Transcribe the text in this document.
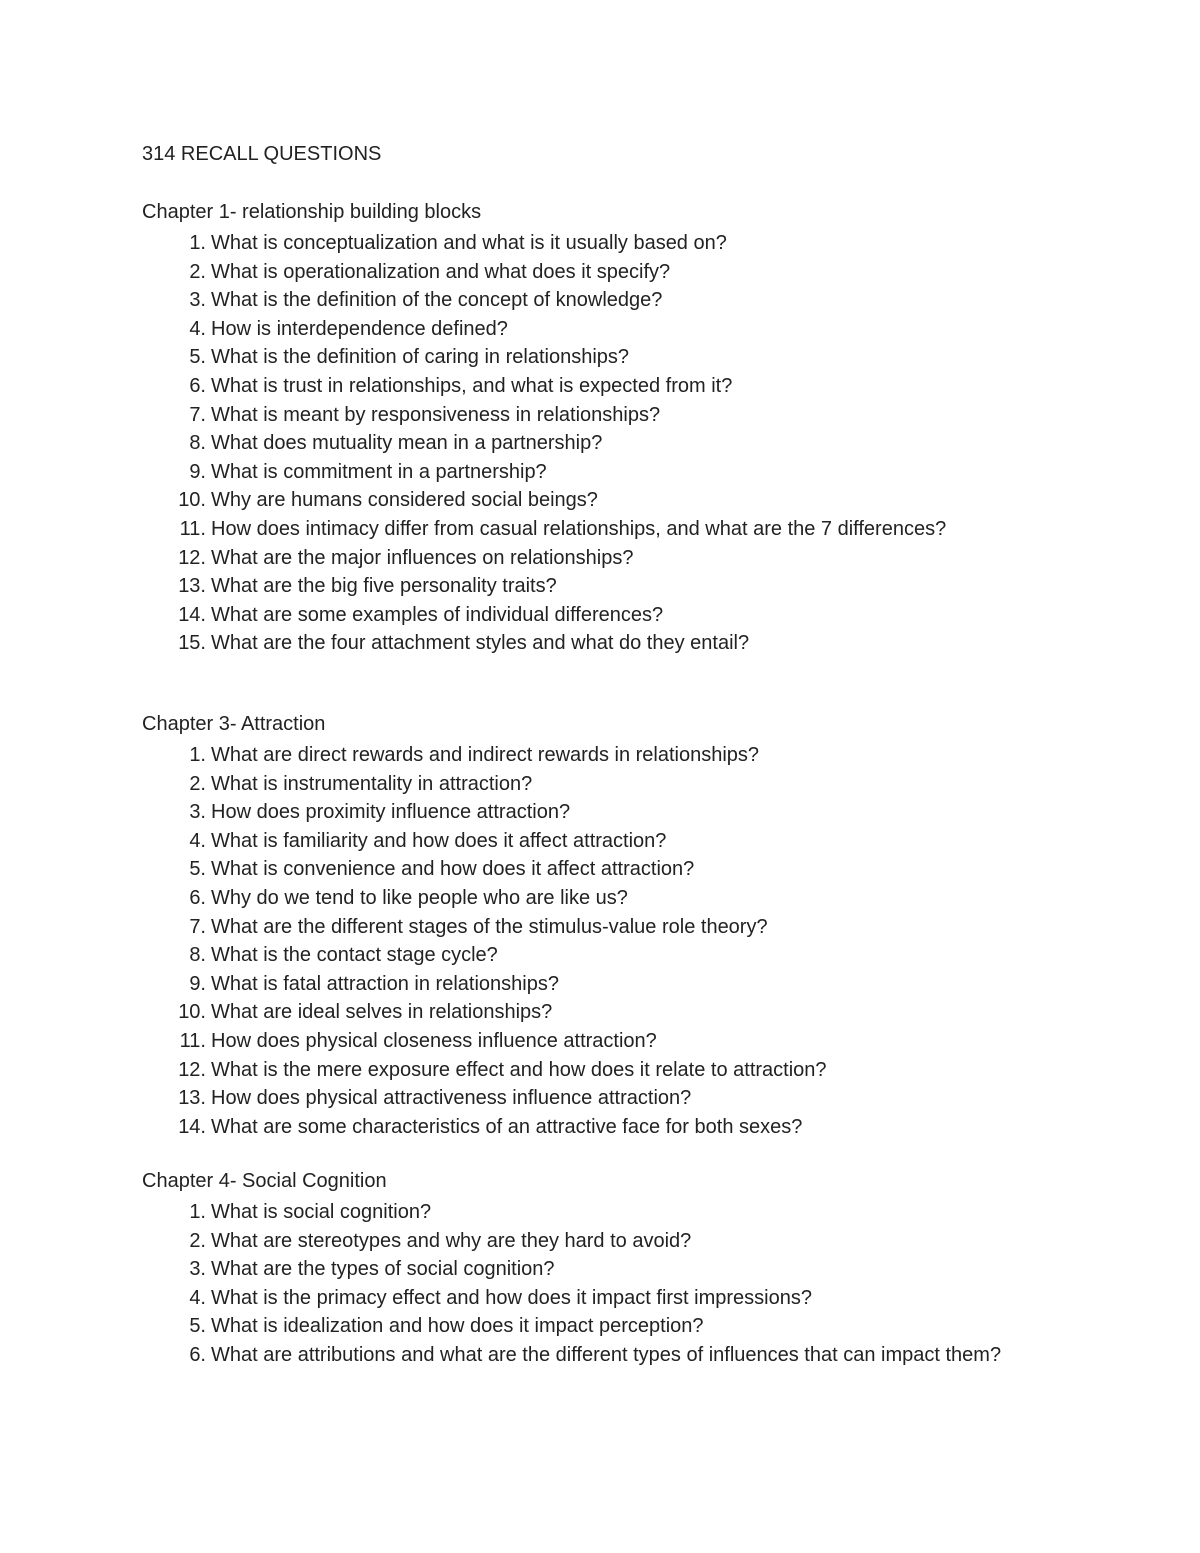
314 RECALL QUESTIONS
Chapter 1- relationship building blocks
1. What is conceptualization and what is it usually based on?
2. What is operationalization and what does it specify?
3. What is the definition of the concept of knowledge?
4. How is interdependence defined?
5. What is the definition of caring in relationships?
6. What is trust in relationships, and what is expected from it?
7. What is meant by responsiveness in relationships?
8. What does mutuality mean in a partnership?
9. What is commitment in a partnership?
10. Why are humans considered social beings?
11. How does intimacy differ from casual relationships, and what are the 7 differences?
12. What are the major influences on relationships?
13. What are the big five personality traits?
14. What are some examples of individual differences?
15. What are the four attachment styles and what do they entail?
Chapter 3- Attraction
1. What are direct rewards and indirect rewards in relationships?
2. What is instrumentality in attraction?
3. How does proximity influence attraction?
4. What is familiarity and how does it affect attraction?
5. What is convenience and how does it affect attraction?
6. Why do we tend to like people who are like us?
7. What are the different stages of the stimulus-value role theory?
8. What is the contact stage cycle?
9. What is fatal attraction in relationships?
10. What are ideal selves in relationships?
11. How does physical closeness influence attraction?
12. What is the mere exposure effect and how does it relate to attraction?
13. How does physical attractiveness influence attraction?
14. What are some characteristics of an attractive face for both sexes?
Chapter 4- Social Cognition
1. What is social cognition?
2. What are stereotypes and why are they hard to avoid?
3. What are the types of social cognition?
4. What is the primacy effect and how does it impact first impressions?
5. What is idealization and how does it impact perception?
6. What are attributions and what are the different types of influences that can impact them?
